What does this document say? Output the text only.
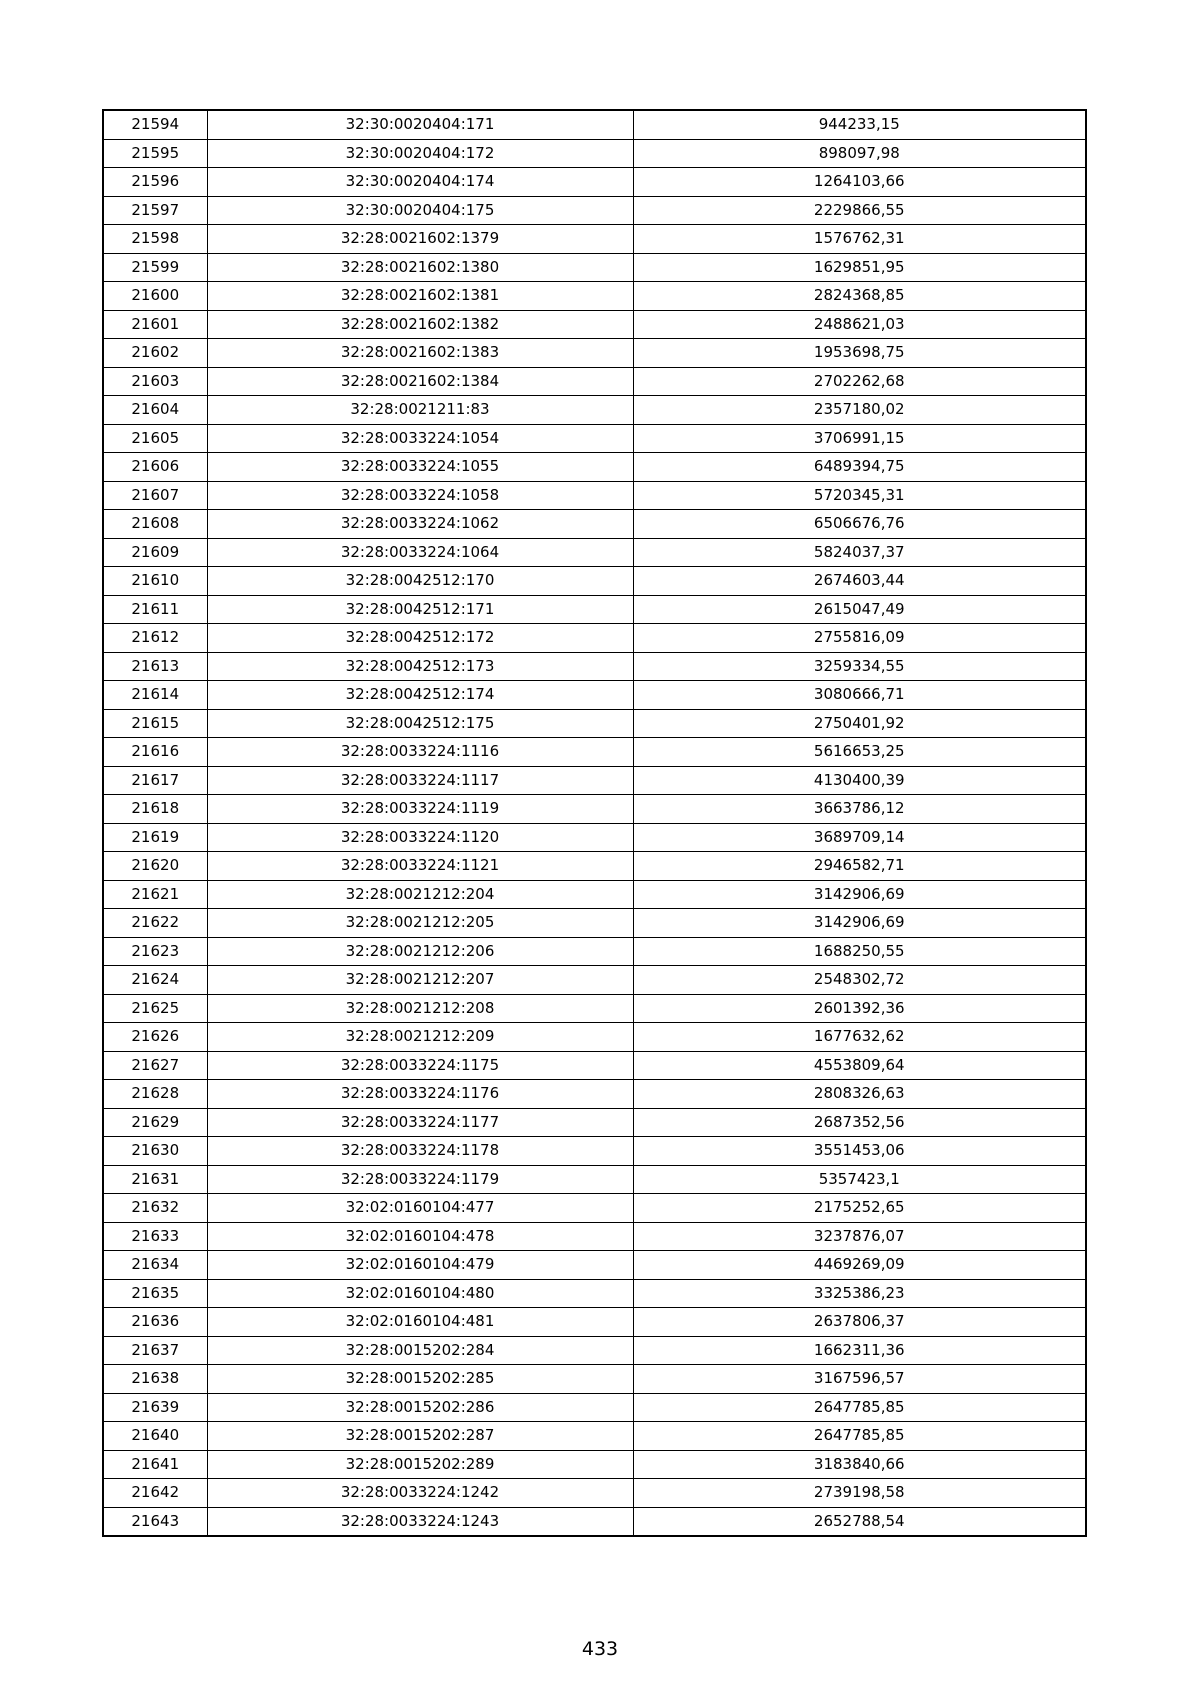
21594	32:30:0020404:171	944233,15
21595	32:30:0020404:172	898097,98
21596	32:30:0020404:174	1264103,66
21597	32:30:0020404:175	2229866,55
21598	32:28:0021602:1379	1576762,31
21599	32:28:0021602:1380	1629851,95
21600	32:28:0021602:1381	2824368,85
21601	32:28:0021602:1382	2488621,03
21602	32:28:0021602:1383	1953698,75
21603	32:28:0021602:1384	2702262,68
21604	32:28:0021211:83	2357180,02
21605	32:28:0033224:1054	3706991,15
21606	32:28:0033224:1055	6489394,75
21607	32:28:0033224:1058	5720345,31
21608	32:28:0033224:1062	6506676,76
21609	32:28:0033224:1064	5824037,37
21610	32:28:0042512:170	2674603,44
21611	32:28:0042512:171	2615047,49
21612	32:28:0042512:172	2755816,09
21613	32:28:0042512:173	3259334,55
21614	32:28:0042512:174	3080666,71
21615	32:28:0042512:175	2750401,92
21616	32:28:0033224:1116	5616653,25
21617	32:28:0033224:1117	4130400,39
21618	32:28:0033224:1119	3663786,12
21619	32:28:0033224:1120	3689709,14
21620	32:28:0033224:1121	2946582,71
21621	32:28:0021212:204	3142906,69
21622	32:28:0021212:205	3142906,69
21623	32:28:0021212:206	1688250,55
21624	32:28:0021212:207	2548302,72
21625	32:28:0021212:208	2601392,36
21626	32:28:0021212:209	1677632,62
21627	32:28:0033224:1175	4553809,64
21628	32:28:0033224:1176	2808326,63
21629	32:28:0033224:1177	2687352,56
21630	32:28:0033224:1178	3551453,06
21631	32:28:0033224:1179	5357423,1
21632	32:02:0160104:477	2175252,65
21633	32:02:0160104:478	3237876,07
21634	32:02:0160104:479	4469269,09
21635	32:02:0160104:480	3325386,23
21636	32:02:0160104:481	2637806,37
21637	32:28:0015202:284	1662311,36
21638	32:28:0015202:285	3167596,57
21639	32:28:0015202:286	2647785,85
21640	32:28:0015202:287	2647785,85
21641	32:28:0015202:289	3183840,66
21642	32:28:0033224:1242	2739198,58
21643	32:28:0033224:1243	2652788,54
433
